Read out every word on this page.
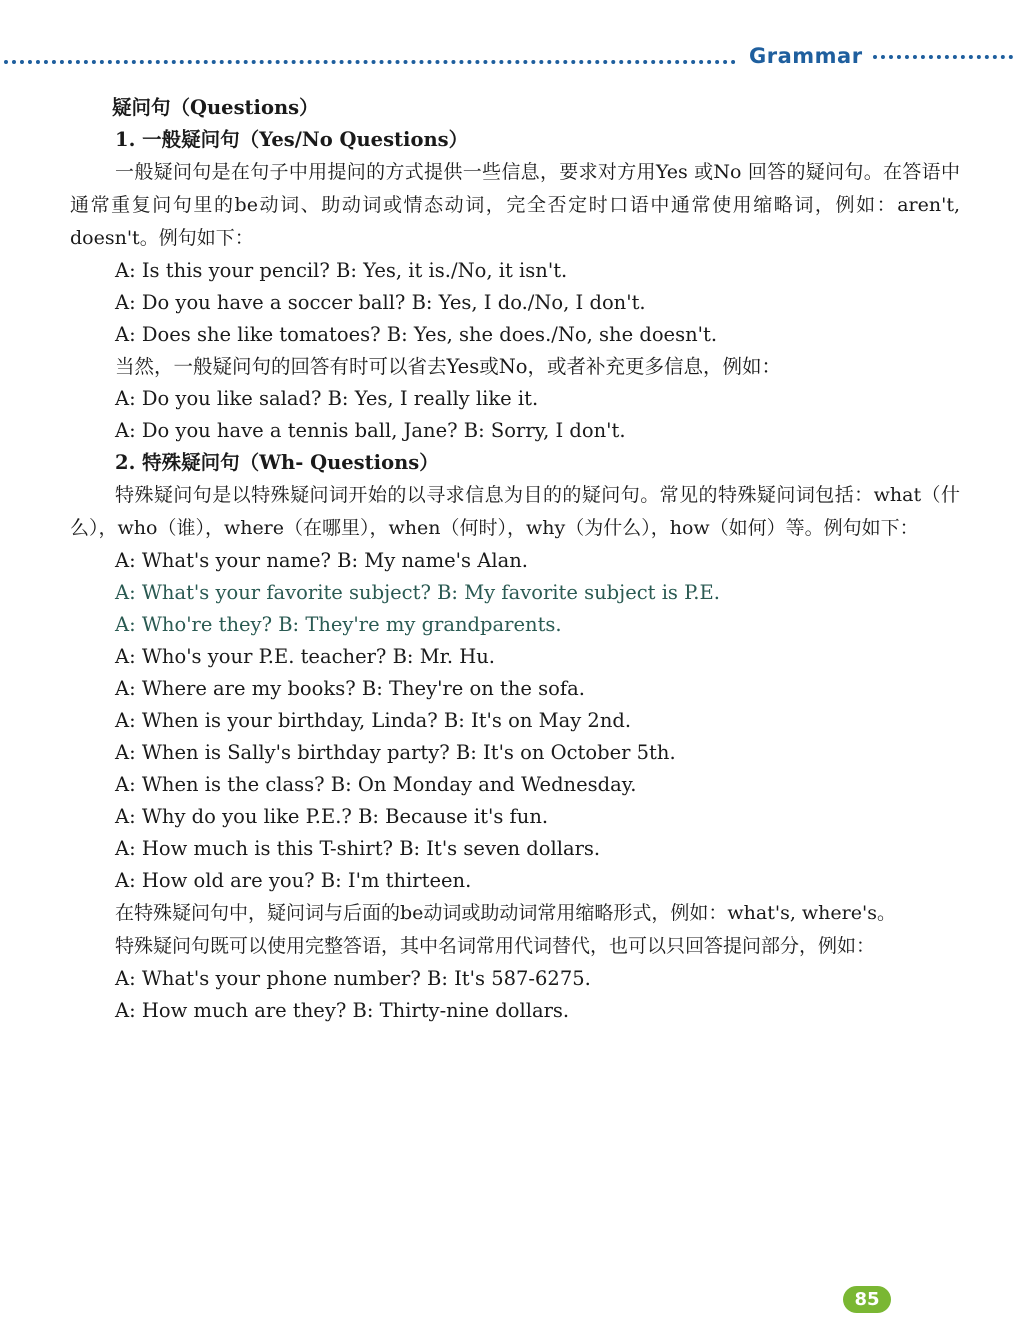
Grammar
疑问句（Questions）
1. 一般疑问句（Yes/No Questions）
一般疑问句是在句子中用提问的方式提供一些信息，要求对方用Yes 或No 回答的疑问句。在答语中通常重复问句里的be动词、助动词或情态动词，完全否定时口语中通常使用缩略词，例如：aren't, doesn't。例句如下：
A: Is this your pencil? B: Yes, it is./No, it isn't.
A: Do you have a soccer ball? B: Yes, I do./No, I don't.
A: Does she like tomatoes? B: Yes, she does./No, she doesn't.
当然，一般疑问句的回答有时可以省去Yes或No，或者补充更多信息，例如：
A: Do you like salad? B: Yes, I really like it.
A: Do you have a tennis ball, Jane? B: Sorry, I don't.
2. 特殊疑问句（Wh- Questions）
特殊疑问句是以特殊疑问词开始的以寻求信息为目的的疑问句。常见的特殊疑问词包括：what（什么），who（谁），where（在哪里），when（何时），why（为什么），how（如何）等。例句如下：
A: What's your name? B: My name's Alan.
A: What's your favorite subject? B: My favorite subject is P.E.
A: Who're they? B: They're my grandparents.
A: Who's your P.E. teacher? B: Mr. Hu.
A: Where are my books? B: They're on the sofa.
A: When is your birthday, Linda? B: It's on May 2nd.
A: When is Sally's birthday party? B: It's on October 5th.
A: When is the class? B: On Monday and Wednesday.
A: Why do you like P.E.? B: Because it's fun.
A: How much is this T-shirt? B: It's seven dollars.
A: How old are you? B: I'm thirteen.
在特殊疑问句中，疑问词与后面的be动词或助动词常用缩略形式，例如：what's, where's。
特殊疑问句既可以使用完整答语，其中名词常用代词替代，也可以只回答提问部分，例如：
A: What's your phone number? B: It's 587-6275.
A: How much are they? B: Thirty-nine dollars.
85
